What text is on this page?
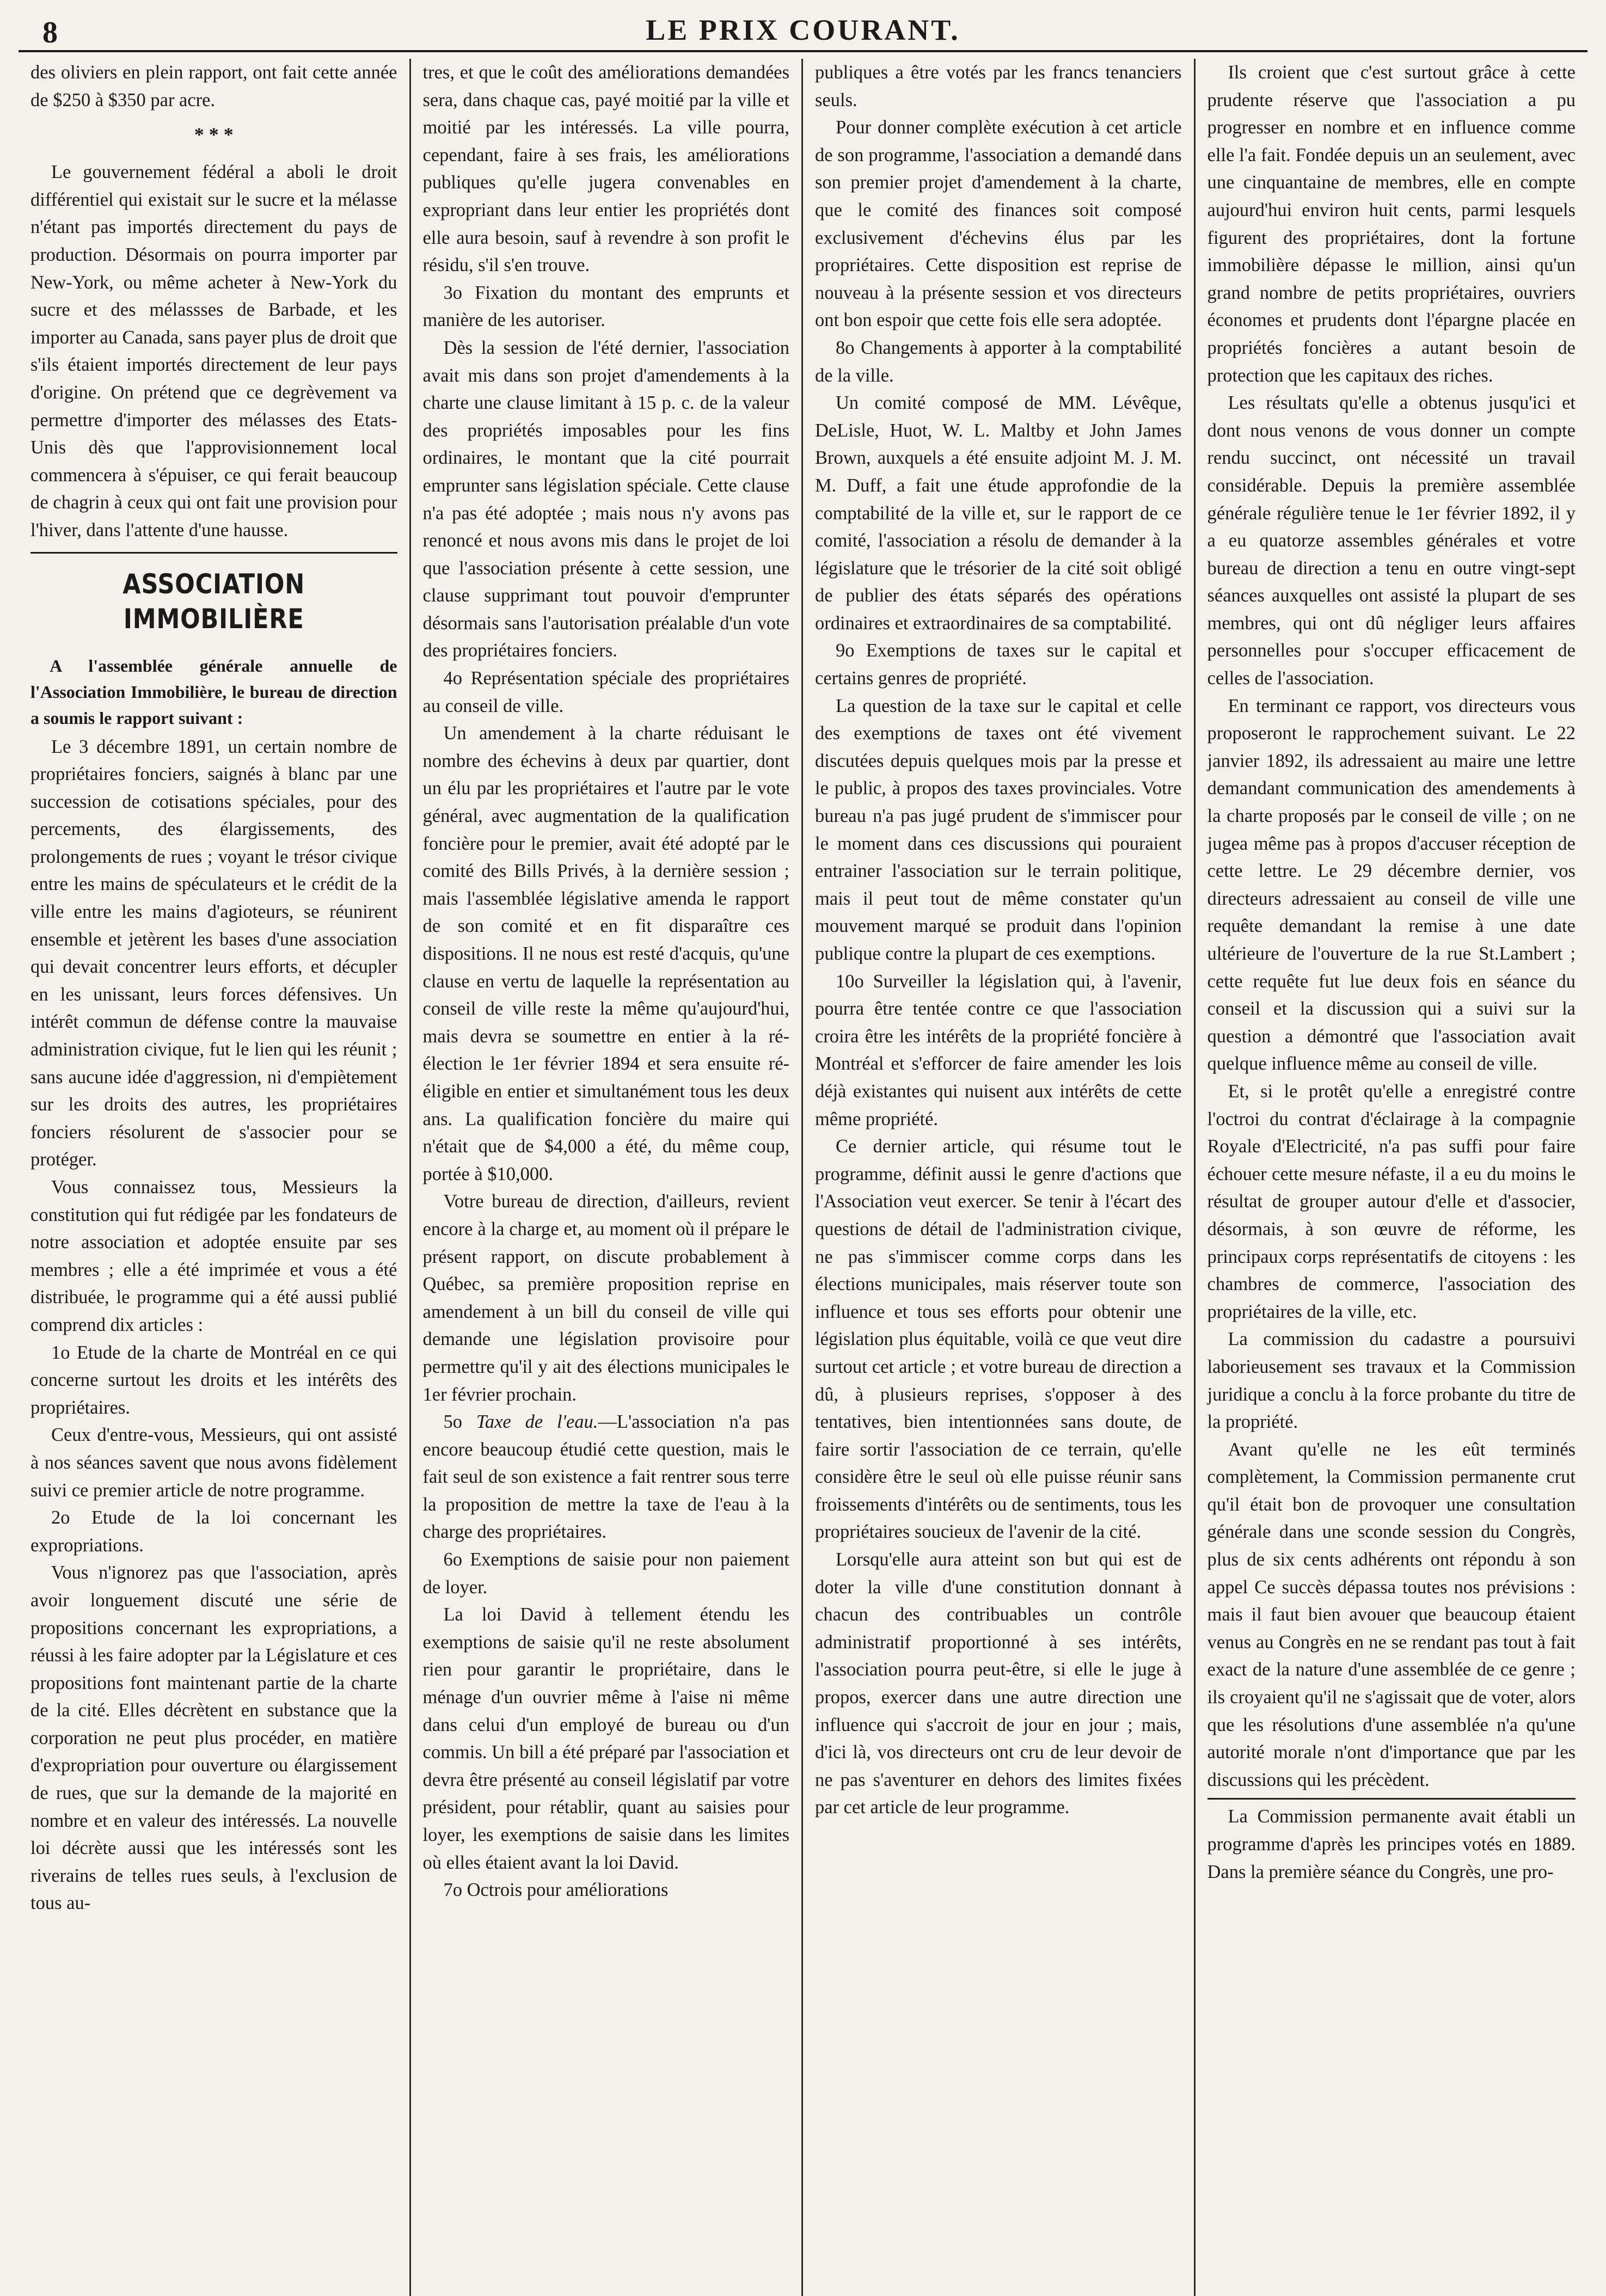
8	LE PRIX COURANT.

des oliviers en plein rapport, ont fait cette année de $250 à $350 par acre.

* * *

Le gouvernement fédéral a aboli le droit différentiel qui existait sur le sucre et la mélasse n'étant pas importés directement du pays de production. Désormais on pourra importer par New-York, ou même acheter à New-York du sucre et des mélassses de Barbade, et les importer au Canada, sans payer plus de droit que s'ils étaient importés directement de leur pays d'origine. On prétend que ce degrèvement va permettre d'importer des mélasses des Etats-Unis dès que l'approvisionnement local commencera à s'épuiser, ce qui ferait beaucoup de chagrin à ceux qui ont fait une provision pour l'hiver, dans l'attente d'une hausse.

ASSOCIATION IMMOBILIÈRE
A l'assemblée générale annuelle de l'Association Immobilière, le bureau de direction a soumis le rapport suivant :

Le 3 décembre 1891, un certain nombre de propriétaires fonciers, saignés à blanc par une succession de cotisations spéciales, pour des percements, des élargissements, des prolongements de rues ; voyant le trésor civique entre les mains de spéculateurs et le crédit de la ville entre les mains d'agioteurs, se réunirent ensemble et jetèrent les bases d'une association qui devait concentrer leurs efforts, et décupler en les unissant, leurs forces défensives. Un intérêt commun de défense contre la mauvaise administration civique, fut le lien qui les réunit ; sans aucune idée d'aggression, ni d'empiètement sur les droits des autres, les propriétaires fonciers résolurent de s'associer pour se protéger.

Vous connaissez tous, Messieurs la constitution qui fut rédigée par les fondateurs de notre association et adoptée ensuite par ses membres ; elle a été imprimée et vous a été distribuée, le programme qui a été aussi publié comprend dix articles :

1o Etude de la charte de Montréal en ce qui concerne surtout les droits et les intérêts des propriétaires.

Ceux d'entre-vous, Messieurs, qui ont assisté à nos séances savent que nous avons fidèlement suivi ce premier article de notre programme.

2o Etude de la loi concernant les expropriations.

Vous n'ignorez pas que l'association, après avoir longuement discuté une série de propositions concernant les expropriations, a réussi à les faire adopter par la Législature et ces propositions font maintenant partie de la charte de la cité. Elles décrètent en substance que la corporation ne peut plus procéder, en matière d'expropriation pour ouverture ou élargissement de rues, que sur la demande de la majorité en nombre et en valeur des intéressés. La nouvelle loi décrète aussi que les intéressés sont les riverains de telles rues seuls, à l'exclusion de tous au-

tres, et que le coût des améliorations demandées sera, dans chaque cas, payé moitié par la ville et moitié par les intéressés. La ville pourra, cependant, faire à ses frais, les améliorations publiques qu'elle jugera convenables en expropriant dans leur entier les propriétés dont elle aura besoin, sauf à revendre à son profit le résidu, s'il s'en trouve.

3o Fixation du montant des emprunts et manière de les autoriser.

Dès la session de l'été dernier, l'association avait mis dans son projet d'amendements à la charte une clause limitant à 15 p. c. de la valeur des propriétés imposables pour les fins ordinaires, le montant que la cité pourrait emprunter sans législation spéciale. Cette clause n'a pas été adoptée ; mais nous n'y avons pas renoncé et nous avons mis dans le projet de loi que l'association présente à cette session, une clause supprimant tout pouvoir d'emprunter désormais sans l'autorisation préalable d'un vote des propriétaires fonciers.

4o Représentation spéciale des propriétaires au conseil de ville.

Un amendement à la charte réduisant le nombre des échevins à deux par quartier, dont un élu par les propriétaires et l'autre par le vote général, avec augmentation de la qualification foncière pour le premier, avait été adopté par le comité des Bills Privés, à la dernière session ; mais l'assemblée législative amenda le rapport de son comité et en fit disparaître ces dispositions. Il ne nous est resté d'acquis, qu'une clause en vertu de laquelle la représentation au conseil de ville reste la même qu'aujourd'hui, mais devra se soumettre en entier à la ré-élection le 1er février 1894 et sera ensuite ré-éligible en entier et simultanément tous les deux ans. La qualification foncière du maire qui n'était que de $4,000 a été, du même coup, portée à $10,000.

Votre bureau de direction, d'ailleurs, revient encore à la charge et, au moment où il prépare le présent rapport, on discute probablement à Québec, sa première proposition reprise en amendement à un bill du conseil de ville qui demande une législation provisoire pour permettre qu'il y ait des élections municipales le 1er février prochain.

5o Taxe de l'eau.—L'association n'a pas encore beaucoup étudié cette question, mais le fait seul de son existence a fait rentrer sous terre la proposition de mettre la taxe de l'eau à la charge des propriétaires.

6o Exemptions de saisie pour non paiement de loyer.

La loi David à tellement étendu les exemptions de saisie qu'il ne reste absolument rien pour garantir le propriétaire, dans le ménage d'un ouvrier même à l'aise ni même dans celui d'un employé de bureau ou d'un commis. Un bill a été préparé par l'association et devra être présenté au conseil législatif par votre président, pour rétablir, quant au saisies pour loyer, les exemptions de saisie dans les limites où elles étaient avant la loi David.

7o Octrois pour améliorations

publiques a être votés par les francs tenanciers seuls.

Pour donner complète exécution à cet article de son programme, l'association a demandé dans son premier projet d'amendement à la charte, que le comité des finances soit composé exclusivement d'échevins élus par les propriétaires. Cette disposition est reprise de nouveau à la présente session et vos directeurs ont bon espoir que cette fois elle sera adoptée.

8o Changements à apporter à la comptabilité de la ville.

Un comité composé de MM. Lévêque, DeLisle, Huot, W. L. Maltby et John James Brown, auxquels a été ensuite adjoint M. J. M. M. Duff, a fait une étude approfondie de la comptabilité de la ville et, sur le rapport de ce comité, l'association a résolu de demander à la législature que le trésorier de la cité soit obligé de publier des états séparés des opérations ordinaires et extraordinaires de sa comptabilité.

9o Exemptions de taxes sur le capital et certains genres de propriété.

La question de la taxe sur le capital et celle des exemptions de taxes ont été vivement discutées depuis quelques mois par la presse et le public, à propos des taxes provinciales. Votre bureau n'a pas jugé prudent de s'immiscer pour le moment dans ces discussions qui pouraient entrainer l'association sur le terrain politique, mais il peut tout de même constater qu'un mouvement marqué se produit dans l'opinion publique contre la plupart de ces exemptions.

10o Surveiller la législation qui, à l'avenir, pourra être tentée contre ce que l'association croira être les intérêts de la propriété foncière à Montréal et s'efforcer de faire amender les lois déjà existantes qui nuisent aux intérêts de cette même propriété.

Ce dernier article, qui résume tout le programme, définit aussi le genre d'actions que l'Association veut exercer. Se tenir à l'écart des questions de détail de l'administration civique, ne pas s'immiscer comme corps dans les élections municipales, mais réserver toute son influence et tous ses efforts pour obtenir une législation plus équitable, voilà ce que veut dire surtout cet article ; et votre bureau de direction a dû, à plusieurs reprises, s'opposer à des tentatives, bien intentionnées sans doute, de faire sortir l'association de ce terrain, qu'elle considère être le seul où elle puisse réunir sans froissements d'intérêts ou de sentiments, tous les propriétaires soucieux de l'avenir de la cité.

Lorsqu'elle aura atteint son but qui est de doter la ville d'une constitution donnant à chacun des contribuables un contrôle administratif proportionné à ses intérêts, l'association pourra peut-être, si elle le juge à propos, exercer dans une autre direction une influence qui s'accroit de jour en jour ; mais, d'ici là, vos directeurs ont cru de leur devoir de ne pas s'aventurer en dehors des limites fixées par cet article de leur programme.

Ils croient que c'est surtout grâce à cette prudente réserve que l'association a pu progresser en nombre et en influence comme elle l'a fait. Fondée depuis un an seulement, avec une cinquantaine de membres, elle en compte aujourd'hui environ huit cents, parmi lesquels figurent des propriétaires, dont la fortune immobilière dépasse le million, ainsi qu'un grand nombre de petits propriétaires, ouvriers économes et prudents dont l'épargne placée en propriétés foncières a autant besoin de protection que les capitaux des riches.

Les résultats qu'elle a obtenus jusqu'ici et dont nous venons de vous donner un compte rendu succinct, ont nécessité un travail considérable. Depuis la première assemblée générale régulière tenue le 1er février 1892, il y a eu quatorze assembles générales et votre bureau de direction a tenu en outre vingt-sept séances auxquelles ont assisté la plupart de ses membres, qui ont dû négliger leurs affaires personnelles pour s'occuper efficacement de celles de l'association.

En terminant ce rapport, vos directeurs vous proposeront le rapprochement suivant. Le 22 janvier 1892, ils adressaient au maire une lettre demandant communication des amendements à la charte proposés par le conseil de ville ; on ne jugea même pas à propos d'accuser réception de cette lettre. Le 29 décembre dernier, vos directeurs adressaient au conseil de ville une requête demandant la remise à une date ultérieure de l'ouverture de la rue St.Lambert ; cette requête fut lue deux fois en séance du conseil et la discussion qui a suivi sur la question a démontré que l'association avait quelque influence même au conseil de ville.

Et, si le protêt qu'elle a enregistré contre l'octroi du contrat d'éclairage à la compagnie Royale d'Electricité, n'a pas suffi pour faire échouer cette mesure néfaste, il a eu du moins le résultat de grouper autour d'elle et d'associer, désormais, à son œuvre de réforme, les principaux corps représentatifs de citoyens : les chambres de commerce, l'association des propriétaires de la ville, etc.

La commission du cadastre a poursuivi laborieusement ses travaux et la Commission juridique a conclu à la force probante du titre de la propriété.

Avant qu'elle ne les eût terminés complètement, la Commission permanente crut qu'il était bon de provoquer une consultation générale dans une sconde session du Congrès, plus de six cents adhérents ont répondu à son appel Ce succès dépassa toutes nos prévisions : mais il faut bien avouer que beaucoup étaient venus au Congrès en ne se rendant pas tout à fait exact de la nature d'une assemblée de ce genre ; ils croyaient qu'il ne s'agissait que de voter, alors que les résolutions d'une assemblée n'a qu'une autorité morale n'ont d'importance que par les discussions qui les précèdent.

La Commission permanente avait établi un programme d'après les principes votés en 1889. Dans la première séance du Congrès, une pro-
